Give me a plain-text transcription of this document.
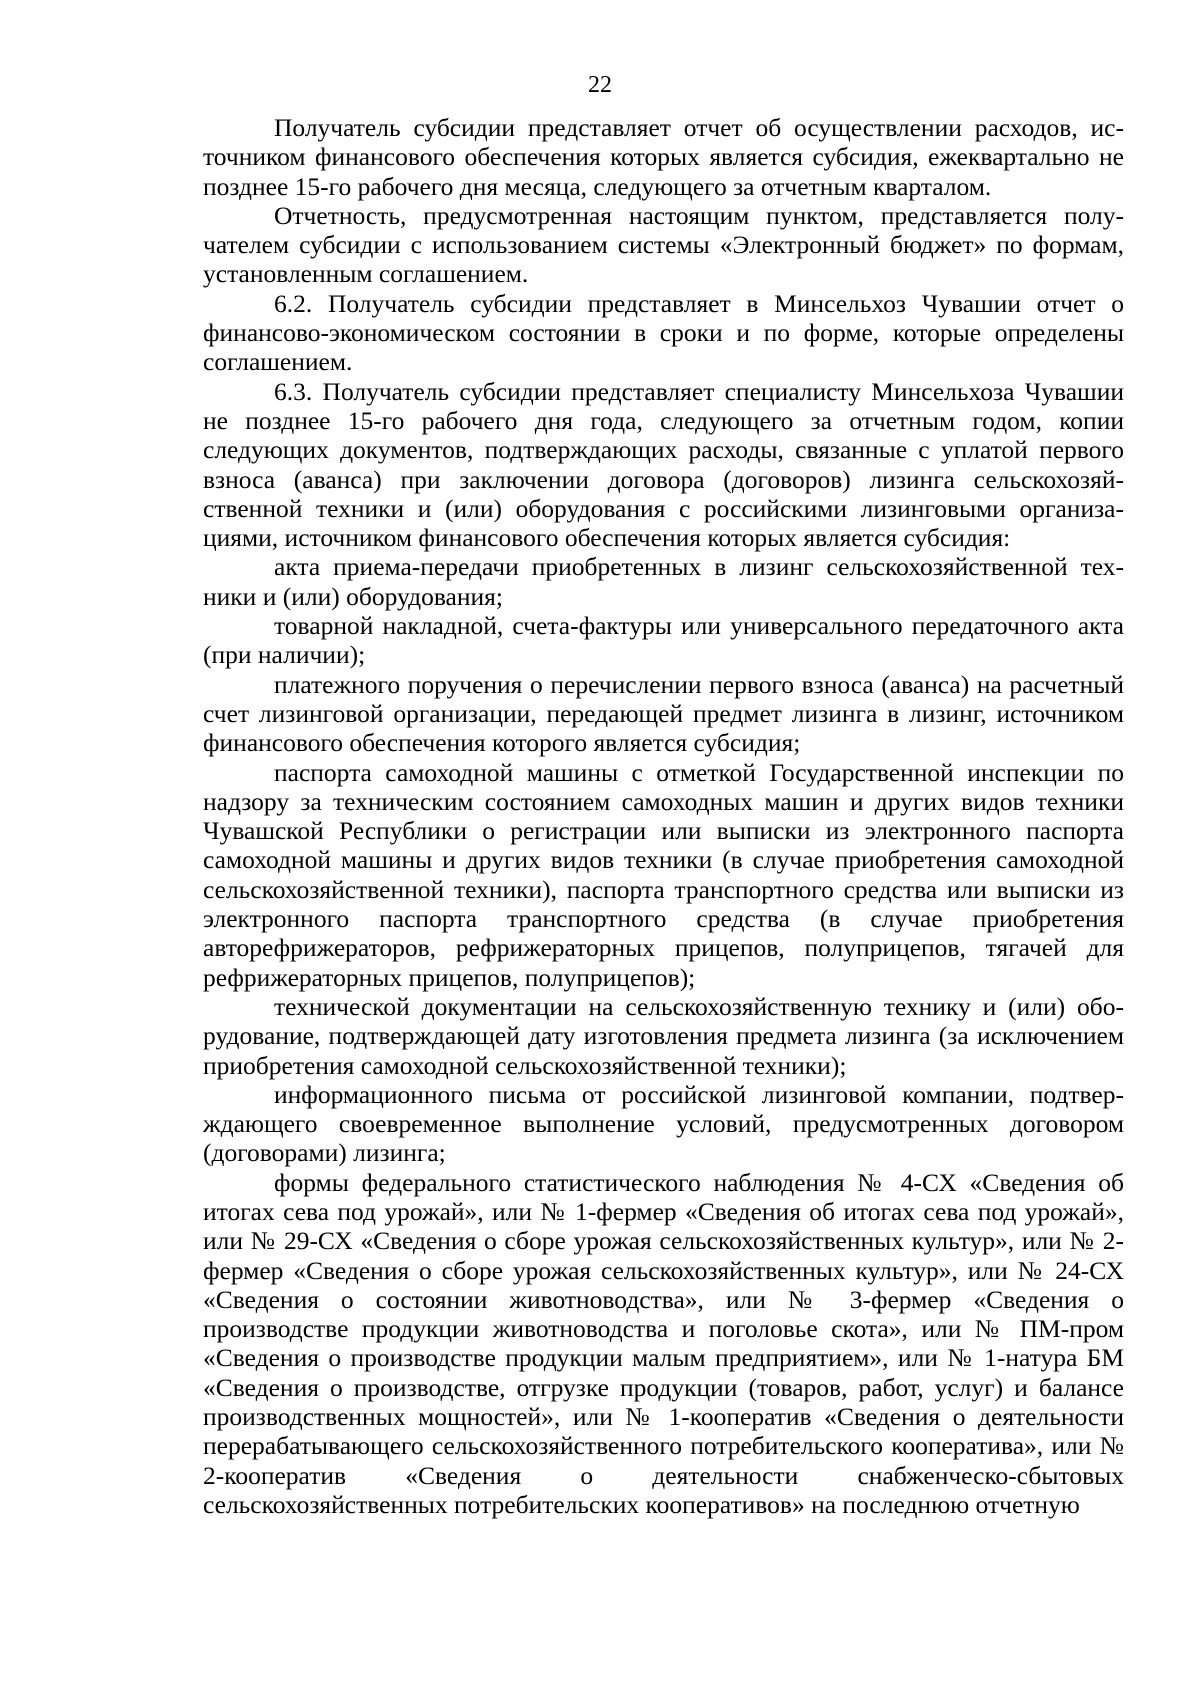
22

Получатель субсидии представляет отчет об осуществлении расходов, источником финансового обеспечения которых является субсидия, ежеквартально не позднее 15-го рабочего дня месяца, следующего за отчетным кварталом.

Отчетность, предусмотренная настоящим пунктом, представляется получателем субсидии с использованием системы «Электронный бюджет» по формам, установленным соглашением.

6.2. Получатель субсидии представляет в Минсельхоз Чувашии отчет о финансово-экономическом состоянии в сроки и по форме, которые определены соглашением.

6.3. Получатель субсидии представляет специалисту Минсельхоза Чувашии не позднее 15-го рабочего дня года, следующего за отчетным годом, копии следующих документов, подтверждающих расходы, связанные с уплатой первого взноса (аванса) при заключении договора (договоров) лизинга сельскохозяйственной техники и (или) оборудования с российскими лизинговыми организациями, источником финансового обеспечения которых является субсидия:

акта приема-передачи приобретенных в лизинг сельскохозяйственной техники и (или) оборудования;

товарной накладной, счета-фактуры или универсального передаточного акта (при наличии);

платежного поручения о перечислении первого взноса (аванса) на расчетный счет лизинговой организации, передающей предмет лизинга в лизинг, источником финансового обеспечения которого является субсидия;

паспорта самоходной машины с отметкой Государственной инспекции по надзору за техническим состоянием самоходных машин и других видов техники Чувашской Республики о регистрации или выписки из электронного паспорта самоходной машины и других видов техники (в случае приобретения самоходной сельскохозяйственной техники), паспорта транспортного средства или выписки из электронного паспорта транспортного средства (в случае приобретения авторефрижераторов, рефрижераторных прицепов, полуприцепов, тягачей для рефрижераторных прицепов, полуприцепов);

технической документации на сельскохозяйственную технику и (или) оборудование, подтверждающей дату изготовления предмета лизинга (за исключением приобретения самоходной сельскохозяйственной техники);

информационного письма от российской лизинговой компании, подтверждающего своевременное выполнение условий, предусмотренных договором (договорами) лизинга;

формы федерального статистического наблюдения № 4-СХ «Сведения об итогах сева под урожай», или № 1-фермер «Сведения об итогах сева под урожай», или № 29-СХ «Сведения о сборе урожая сельскохозяйственных культур», или № 2-фермер «Сведения о сборе урожая сельскохозяйственных культур», или № 24-СХ «Сведения о состоянии животноводства», или № 3-фермер «Сведения о производстве продукции животноводства и поголовье скота», или № ПМ-пром «Сведения о производстве продукции малым предприятием», или № 1-натура БМ «Сведения о производстве, отгрузке продукции (товаров, работ, услуг) и балансе производственных мощностей», или № 1-кооператив «Сведения о деятельности перерабатывающего сельскохозяйственного потребительского кооператива», или № 2-кооператив «Сведения о деятельности снабженческо-сбытовых сельскохозяйственных потребительских кооперативов» на последнюю отчетную
